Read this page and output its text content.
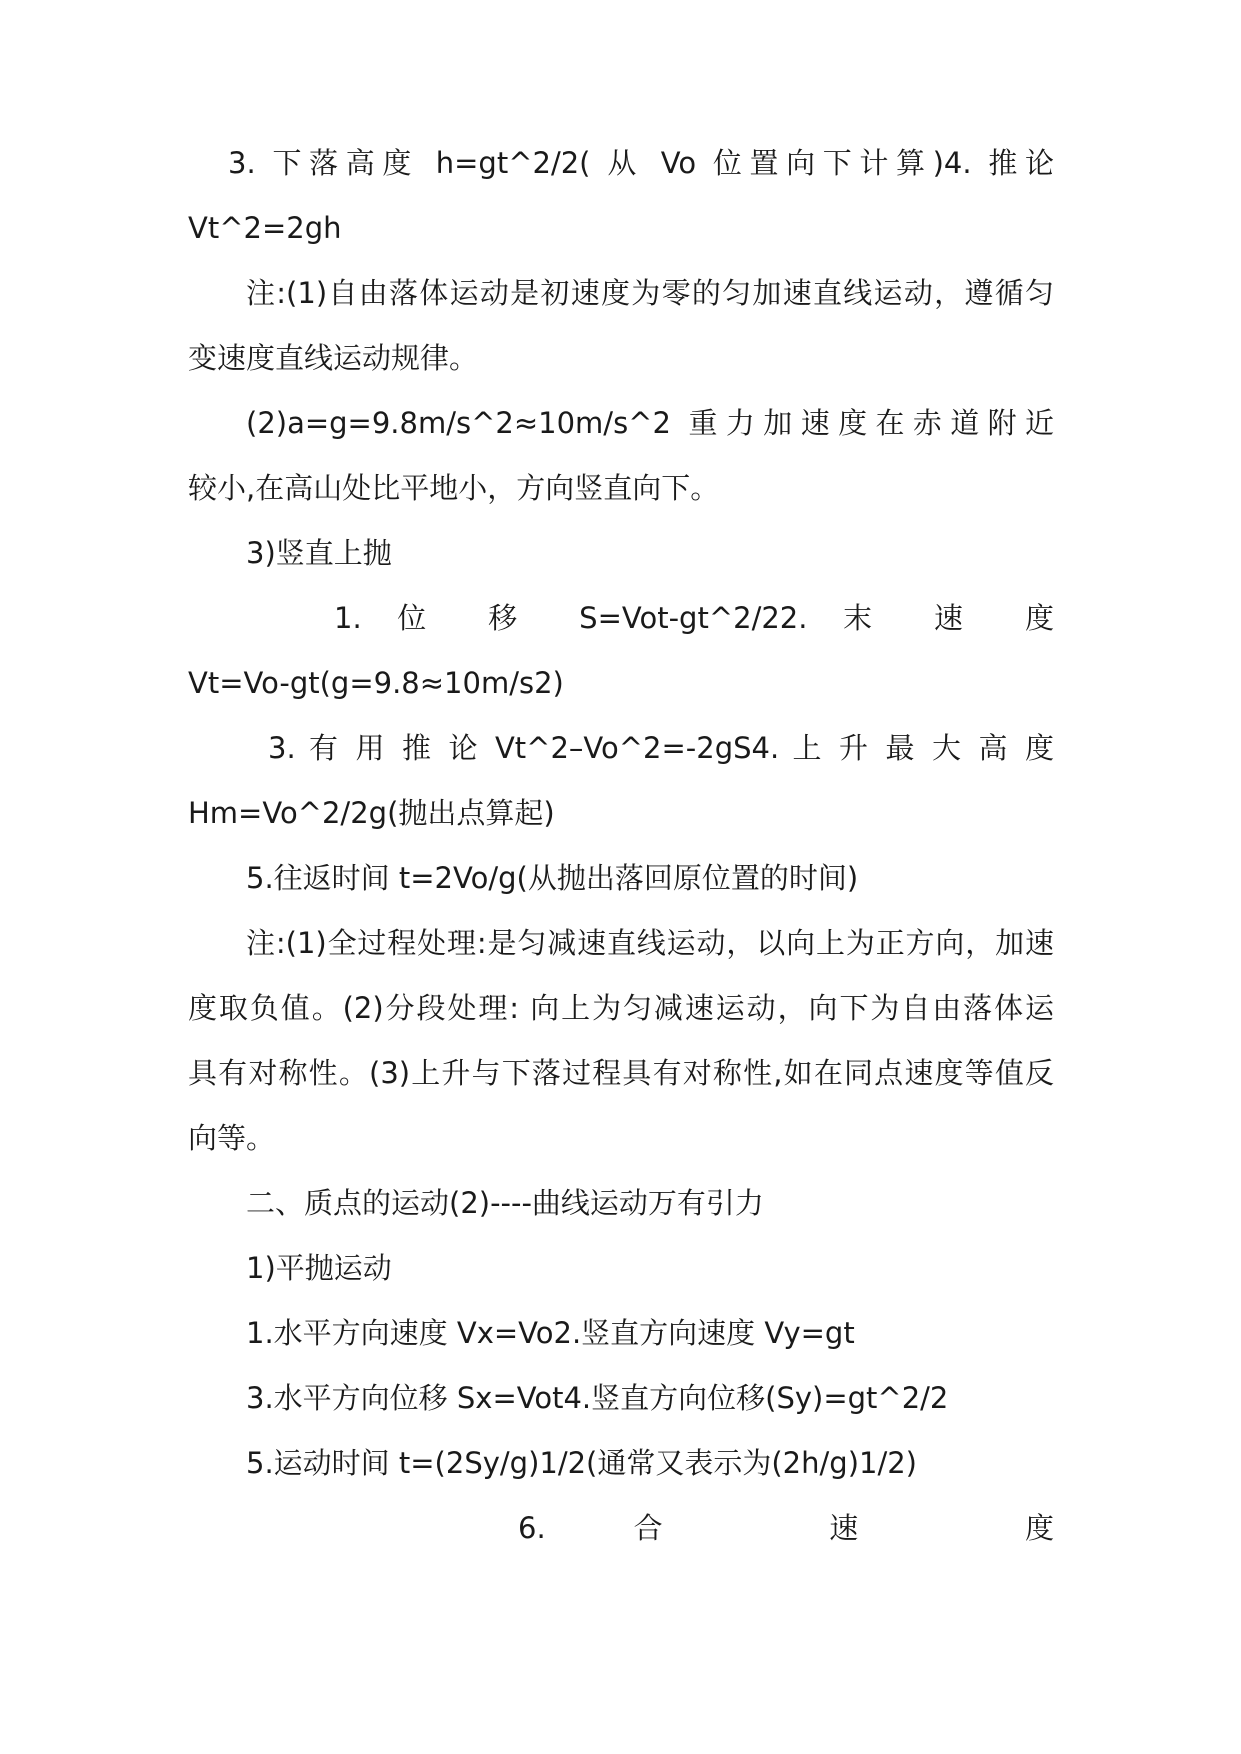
3. 下落高度 h=gt^2/2( 从 Vo 位置向下计算)4. 推论
Vt^2=2gh
注:(1)自由落体运动是初速度为零的匀加速直线运动，遵循匀
变速度直线运动规律。
(2)a=g=9.8m/s^2≈10m/s^2 重力加速度在赤道附近
较小,在高山处比平地小，方向竖直向下。
3)竖直上抛
1. 位 移 S=Vot-gt^2/22. 末 速 度
Vt=Vo-gt(g=9.8≈10m/s2)
3. 有 用 推 论 Vt^2–Vo^2=-2gS4. 上 升 最 大 高 度
Hm=Vo^2/2g(抛出点算起)
5.往返时间 t=2Vo/g(从抛出落回原位置的时间)
注:(1)全过程处理:是匀减速直线运动，以向上为正方向，加速
度取负值。(2)分段处理: 向上为匀减速运动，向下为自由落体运
具有对称性。(3)上升与下落过程具有对称性,如在同点速度等值反
向等。
二、质点的运动(2)----曲线运动万有引力
1)平抛运动
1.水平方向速度 Vx=Vo2.竖直方向速度 Vy=gt
3.水平方向位移 Sx=Vot4.竖直方向位移(Sy)=gt^2/2
5.运动时间 t=(2Sy/g)1/2(通常又表示为(2h/g)1/2)
6. 合 速 度
